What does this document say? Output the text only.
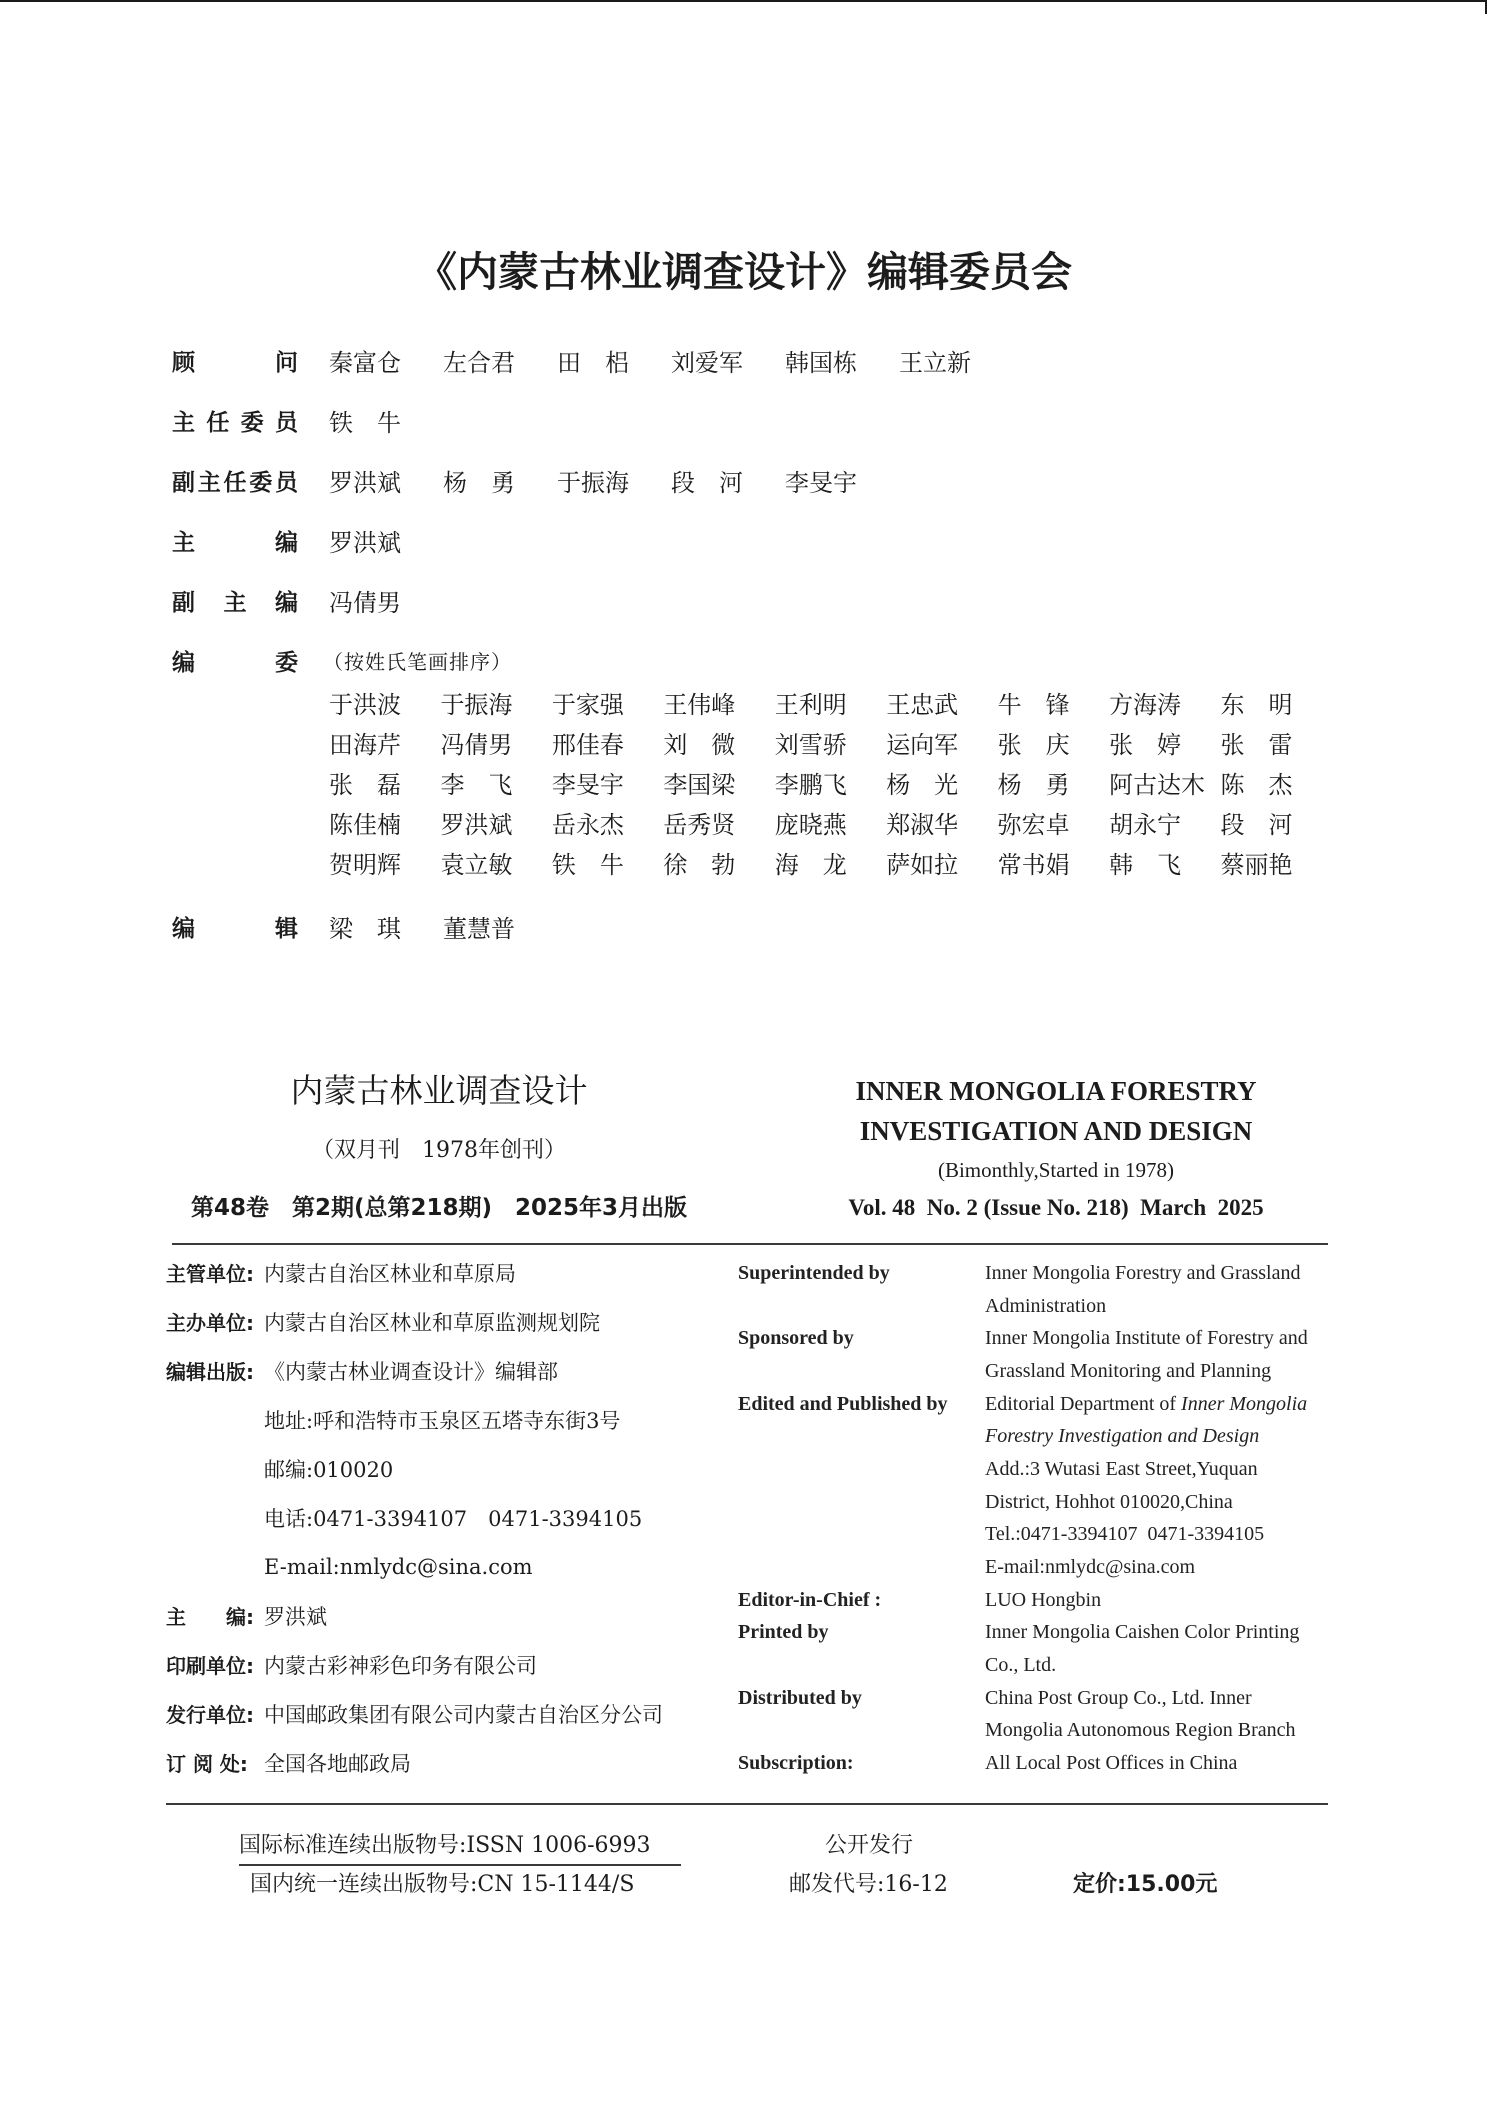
《内蒙古林业调查设计》编辑委员会
顾	问 秦富仓	左合君	田　梠	刘爱军	韩国栋	王立新
主 任 委 员 铁　牛
副 主 任 委 员 罗洪斌	杨　勇	于振海	段　河	李旻宇
主	编 罗洪斌
副 主 编 冯倩男
编	委 （按姓氏笔画排序）
于洪波	于振海	于家强	王伟峰	王利明	王忠武	牛　锋	方海涛	东　明
田海芹	冯倩男	邢佳春	刘　微	刘雪骄	运向军	张　庆	张　婷	张　雷
张　磊	李　飞	李旻宇	李国梁	李鹏飞	杨　光	杨　勇	阿古达木 陈　杰
陈佳楠	罗洪斌	岳永杰	岳秀贤	庞晓燕	郑淑华	弥宏卓	胡永宁	段　河
贺明辉	袁立敏	铁　牛	徐　勃	海　龙	萨如拉	常书娟	韩　飞	蔡丽艳
编	辑 梁　琪	董慧普
内蒙古林业调查设计
（双月刊　1978年创刊）
第48卷　第2期(总第218期)　2025年3月出版
INNER MONGOLIA FORESTRY
INVESTIGATION AND DESIGN
(Bimonthly,Started in 1978)
Vol. 48  No. 2 (Issue No. 218)  March  2025
主管单位: 内蒙古自治区林业和草原局
主办单位: 内蒙古自治区林业和草原监测规划院
编辑出版: 《内蒙古林业调查设计》编辑部
地址:呼和浩特市玉泉区五塔寺东街3号
邮编:010020
电话:0471-3394107　0471-3394105
E-mail:nmlydc@sina.com
主　　编: 罗洪斌
印刷单位: 内蒙古彩神彩色印务有限公司
发行单位: 中国邮政集团有限公司内蒙古自治区分公司
订 阅 处: 全国各地邮政局
Superintended by	Inner Mongolia Forestry and Grassland
Administration
Sponsored by	Inner Mongolia Institute of Forestry and
Grassland Monitoring and Planning
Edited and Published by	Editorial Department of Inner Mongolia
Forestry Investigation and Design
Add.:3 Wutasi East Street,Yuquan
District, Hohhot 010020,China
Tel.:0471-3394107  0471-3394105
E-mail:nmlydc@sina.com
Editor-in-Chief :	LUO Hongbin
Printed by	Inner Mongolia Caishen Color Printing
Co., Ltd.
Distributed by	China Post Group Co., Ltd. Inner
Mongolia Autonomous Region Branch
Subscription:	All Local Post Offices in China
国际标准连续出版物号:ISSN 1006-6993
国内统一连续出版物号:CN 15-1144/S
公开发行
邮发代号:16-12	定价:15.00元
